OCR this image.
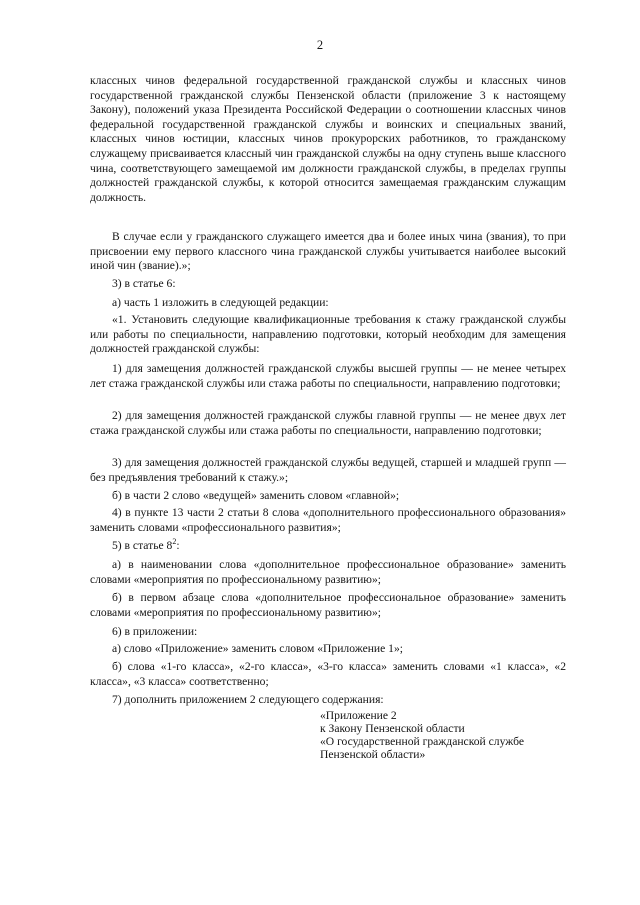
2

классных чинов федеральной государственной гражданской службы и классных чинов государственной гражданской службы Пензенской области (приложение 3 к настоящему Закону), положений указа Президента Российской Федерации о соотношении классных чинов федеральной государственной гражданской службы и воинских и специальных званий, классных чинов юстиции, классных чинов прокурорских работников, то гражданскому служащему присваивается классный чин гражданской службы на одну ступень выше классного чина, соответствующего замещаемой им должности гражданской службы, в пределах группы должностей гражданской службы, к которой относится замещаемая гражданским служащим должность.

В случае если у гражданского служащего имеется два и более иных чина (звания), то при присвоении ему первого классного чина гражданской службы учитывается наиболее высокий иной чин (звание).»;

3) в статье 6:

а) часть 1 изложить в следующей редакции:

«1. Установить следующие квалификационные требования к стажу гражданской службы или работы по специальности, направлению подготовки, который необходим для замещения должностей гражданской службы:

1) для замещения должностей гражданской службы высшей группы — не менее четырех лет стажа гражданской службы или стажа работы по специальности, направлению подготовки;

2) для замещения должностей гражданской службы главной группы — не менее двух лет стажа гражданской службы или стажа работы по специальности, направлению подготовки;

3) для замещения должностей гражданской службы ведущей, старшей и младшей групп — без предъявления требований к стажу.»;

б) в части 2 слово «ведущей» заменить словом «главной»;

4) в пункте 13 части 2 статьи 8 слова «дополнительного профессионального образования» заменить словами «профессионального развития»;

5) в статье $8^2$:

а) в наименовании слова «дополнительное профессиональное образование» заменить словами «мероприятия по профессиональному развитию»;

б) в первом абзаце слова «дополнительное профессиональное образование» заменить словами «мероприятия по профессиональному развитию»;

6) в приложении:

а) слово «Приложение» заменить словом «Приложение 1»;

б) слова «1-го класса», «2-го класса», «3-го класса» заменить словами «1 класса», «2 класса», «3 класса» соответственно;

7) дополнить приложением 2 следующего содержания:

«Приложение 2
к Закону Пензенской области
«О государственной гражданской службе
Пензенской области»
